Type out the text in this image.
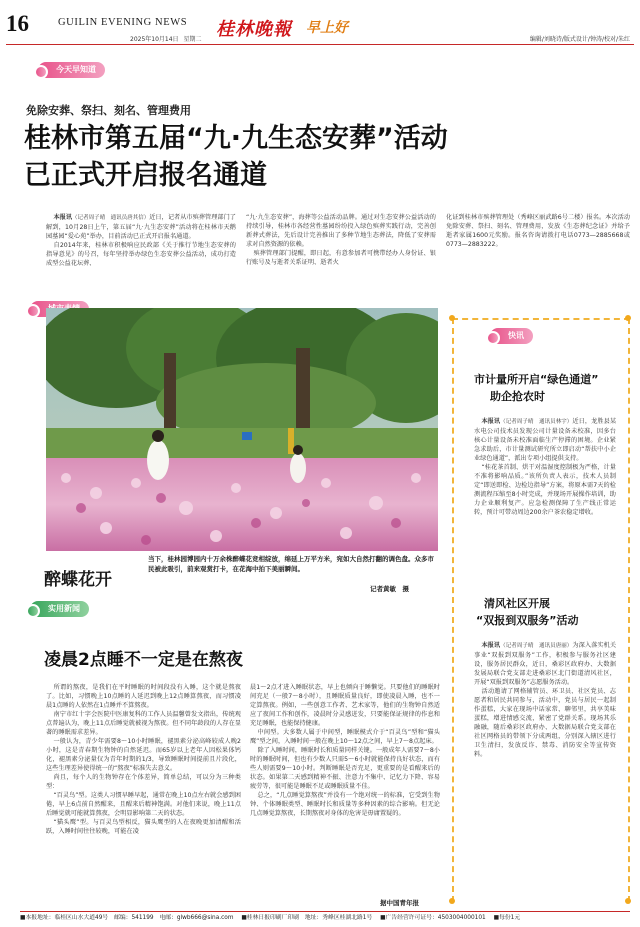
16	GUILIN EVENING NEWS
2025年10月14日 星期二 桂林晚報 早上好
编辑/刘晓诗/版式设计/钟涛/校对/朱红
今天早知道
免除安葬、祭扫、刻名、管理费用
桂林市第五届“九·九生态安葬”活动
已正式开启报名通道

本报讯（记者周子晴　通讯员唐其信）近日，记者从市殡葬管理部门了解到，10月28日上午，第五届“九·九生态安葬”活动将在桂林市天鹅园墓园“爱心苑”举办，目前活动已正式开启报名通道。

自2014年来，桂林市积极响应民政部《关于推行节地生态安葬的指导意见》的号召，每年坚持举办绿色生态安葬公益活动，成功打造成型公益花坛葬、

“九·九生态安葬”，海葬等公益活动品牌。通过对生态安葬公益活动的持续引导，桂林市各经营性墓园纷纷投入绿色殡葬实践行动，完善创新葬式葬法，先后设计完善推出了多种节地生态葬法，降低了安葬需求对自然资源的依赖。

殡葬管理部门提醒，即日起，有意参加者可携带经办人身份证、银行账号及与逝者关系证明、逝者火

化证到桂林市殡葬管理处（秀峰区丽武路6号二楼）报名。本次活动免除安葬、祭扫、刻名、管理费用，发放《生态葬纪念证》并给予逝者家属1600元奖励。报名咨询请拨打电话0773—2885668或0773—2883222。

醉蝶花开
当下，桂林园博园内十万余株醉蝶花竞相绽放，绵延上万平方米，宛如大自然打翻的调色盘。众多市民被此吸引，前来观赏打卡，在花海中拍下美丽瞬间。
记者黄敏　摄
快讯
市计量所开启“绿色通道”
助企抢农时

本报讯（记者周子晴　通讯员林宇）近日，龙胜县某水电公司技术员发现公司计量设备未校准，因多台核心计量设备未校准面临生产停滞的困境。企业紧急求助后，市计量测试研究所立即启动“帮扶中小企业绿色通道”，派出专项小组提供支持。

“桂花茶首制、烘干对温湿度控制极为严格，计量不准将影响品质。”该所负责人表示，技术人员制定“即送即检、边检边指导”方案，将原本需7天的检测流程压缩至8小时完成，并现场开展操作培训，助力企业顺利复产。应急检测保障了生产线正常运转，预计可带动周边200余户茶农稳定增收。

清风社区开展
“双报到双服务”活动

本报讯（记者周子晴　通讯员唐丽）为深入落实机关事业“双报到双服务”工作，积极参与服务社区建设，服务居民群众，近日，桑彩区政府办、大数据发展局联合党支部走进桑彩区北门街道清风社区，开展“双报到双服务”志愿服务活动。

活动邀请了网格辅管员、环卫员、社区党员、志愿者和居民共同参与，活动中，党员与居民一起制作蛋糕，大家在现场中话家常、聊邻里，共享美味蛋糕，增进情感交流，紧密了党群关系。现场其乐融融，随后桑彩区政府办、大数据局联合党支部在社区网格员的带领下分成两组，分别深入辖区进行卫生清扫，发放反诈、禁毒、消防安全等宣传资料。

实用新闻
凌晨2点睡不一定是在熬夜

所谓的熬夜，是我们在平时睡眠的时间段没有入睡，这个就是熬夜了。比如，习惯晚上10点睡的人延迟到晚上12点睡算熬夜，而习惯凌晨1点睡的人依然在1点睡并不算熬夜。

南宁市红十字会医院中医康复科的工作人员温馨曾发文指出，传统观点普遍认为，晚上11点后睡觉就被视为熬夜。但不同年龄段的人存在显著的睡眠需求差异。

一般认为，青少年需要8～10小时睡眠，褪黑素分泌高峰较成人晚2小时，这是青春期生物钟的自然延迟。而65岁以上老年人因松果体钙化，褪黑素分泌量仅为青年时期的1/3，导致睡眠时间提前且片段化，这些生理差异使得统一的“熬夜”标准失去意义。

尚且，每个人的生物钟存在个体差异，简单总结，可以分为三种类型：

“百灵鸟”型。这类人习惯早睡早起，通常在晚上10点左右就会感到困倦，早上6点前自然醒来，且醒来后精神饱满。对他们来说，晚上11点后睡觉就可能就算熬夜，会明显影响第二天的状态。

“猫头鹰”型。与百灵鸟型相反，猫头鹰型的人在夜晚更加清醒和活跃，入睡时间往往较晚，可能在凌

晨1～2点才进入睡眠状态，早上也倾向于睡懒觉。只要他们的睡眠时间充足（一般7～8小时），且睡眠质量良好，即使凌晨入睡，也不一定算熬夜。例如，一些创意工作者、艺术家等，他们的生物钟自然适应了夜间工作和创作，凌晨时分灵感迸发，只要能保证规律的作息和充足睡眠，也能保持健康。

中间型。大多数人属于中间型，睡眠模式介于“百灵鸟”型和“猫头鹰”型之间，入睡时间一般在晚上10～12点之间，早上7～8点起床。

除了入睡时间，睡眠时长和质量同样关键。一般成年人需要7～8小时的睡眠时间，但也有少数人只需5～6小时就能保持良好状态，而有些人则需要9～10小时。判断睡眠是否充足，更重要的是看醒来后的状态。如果第二天感到精神不振、注意力不集中、记忆力下降、容易疲劳等，很可能是睡眠不足或睡眠质量不佳。

总之，“几点睡觉算熬夜”并没有一个绝对统一的标准，它受到生物钟、个体睡眠类型、睡眠时长和质量等多种因素的综合影响。但无论几点睡觉算熬夜，长期熬夜对身体的危害是毋庸置疑的。

据中国青年报
■本报地址：临桂区山水大道49号 邮编：541199 电邮：glwb666@sina.com ■桂林日报印刷厂印刷 地址：秀峰区桂湖北路1号 ■广告经营许可证号：4503004000101 ■每份1元
